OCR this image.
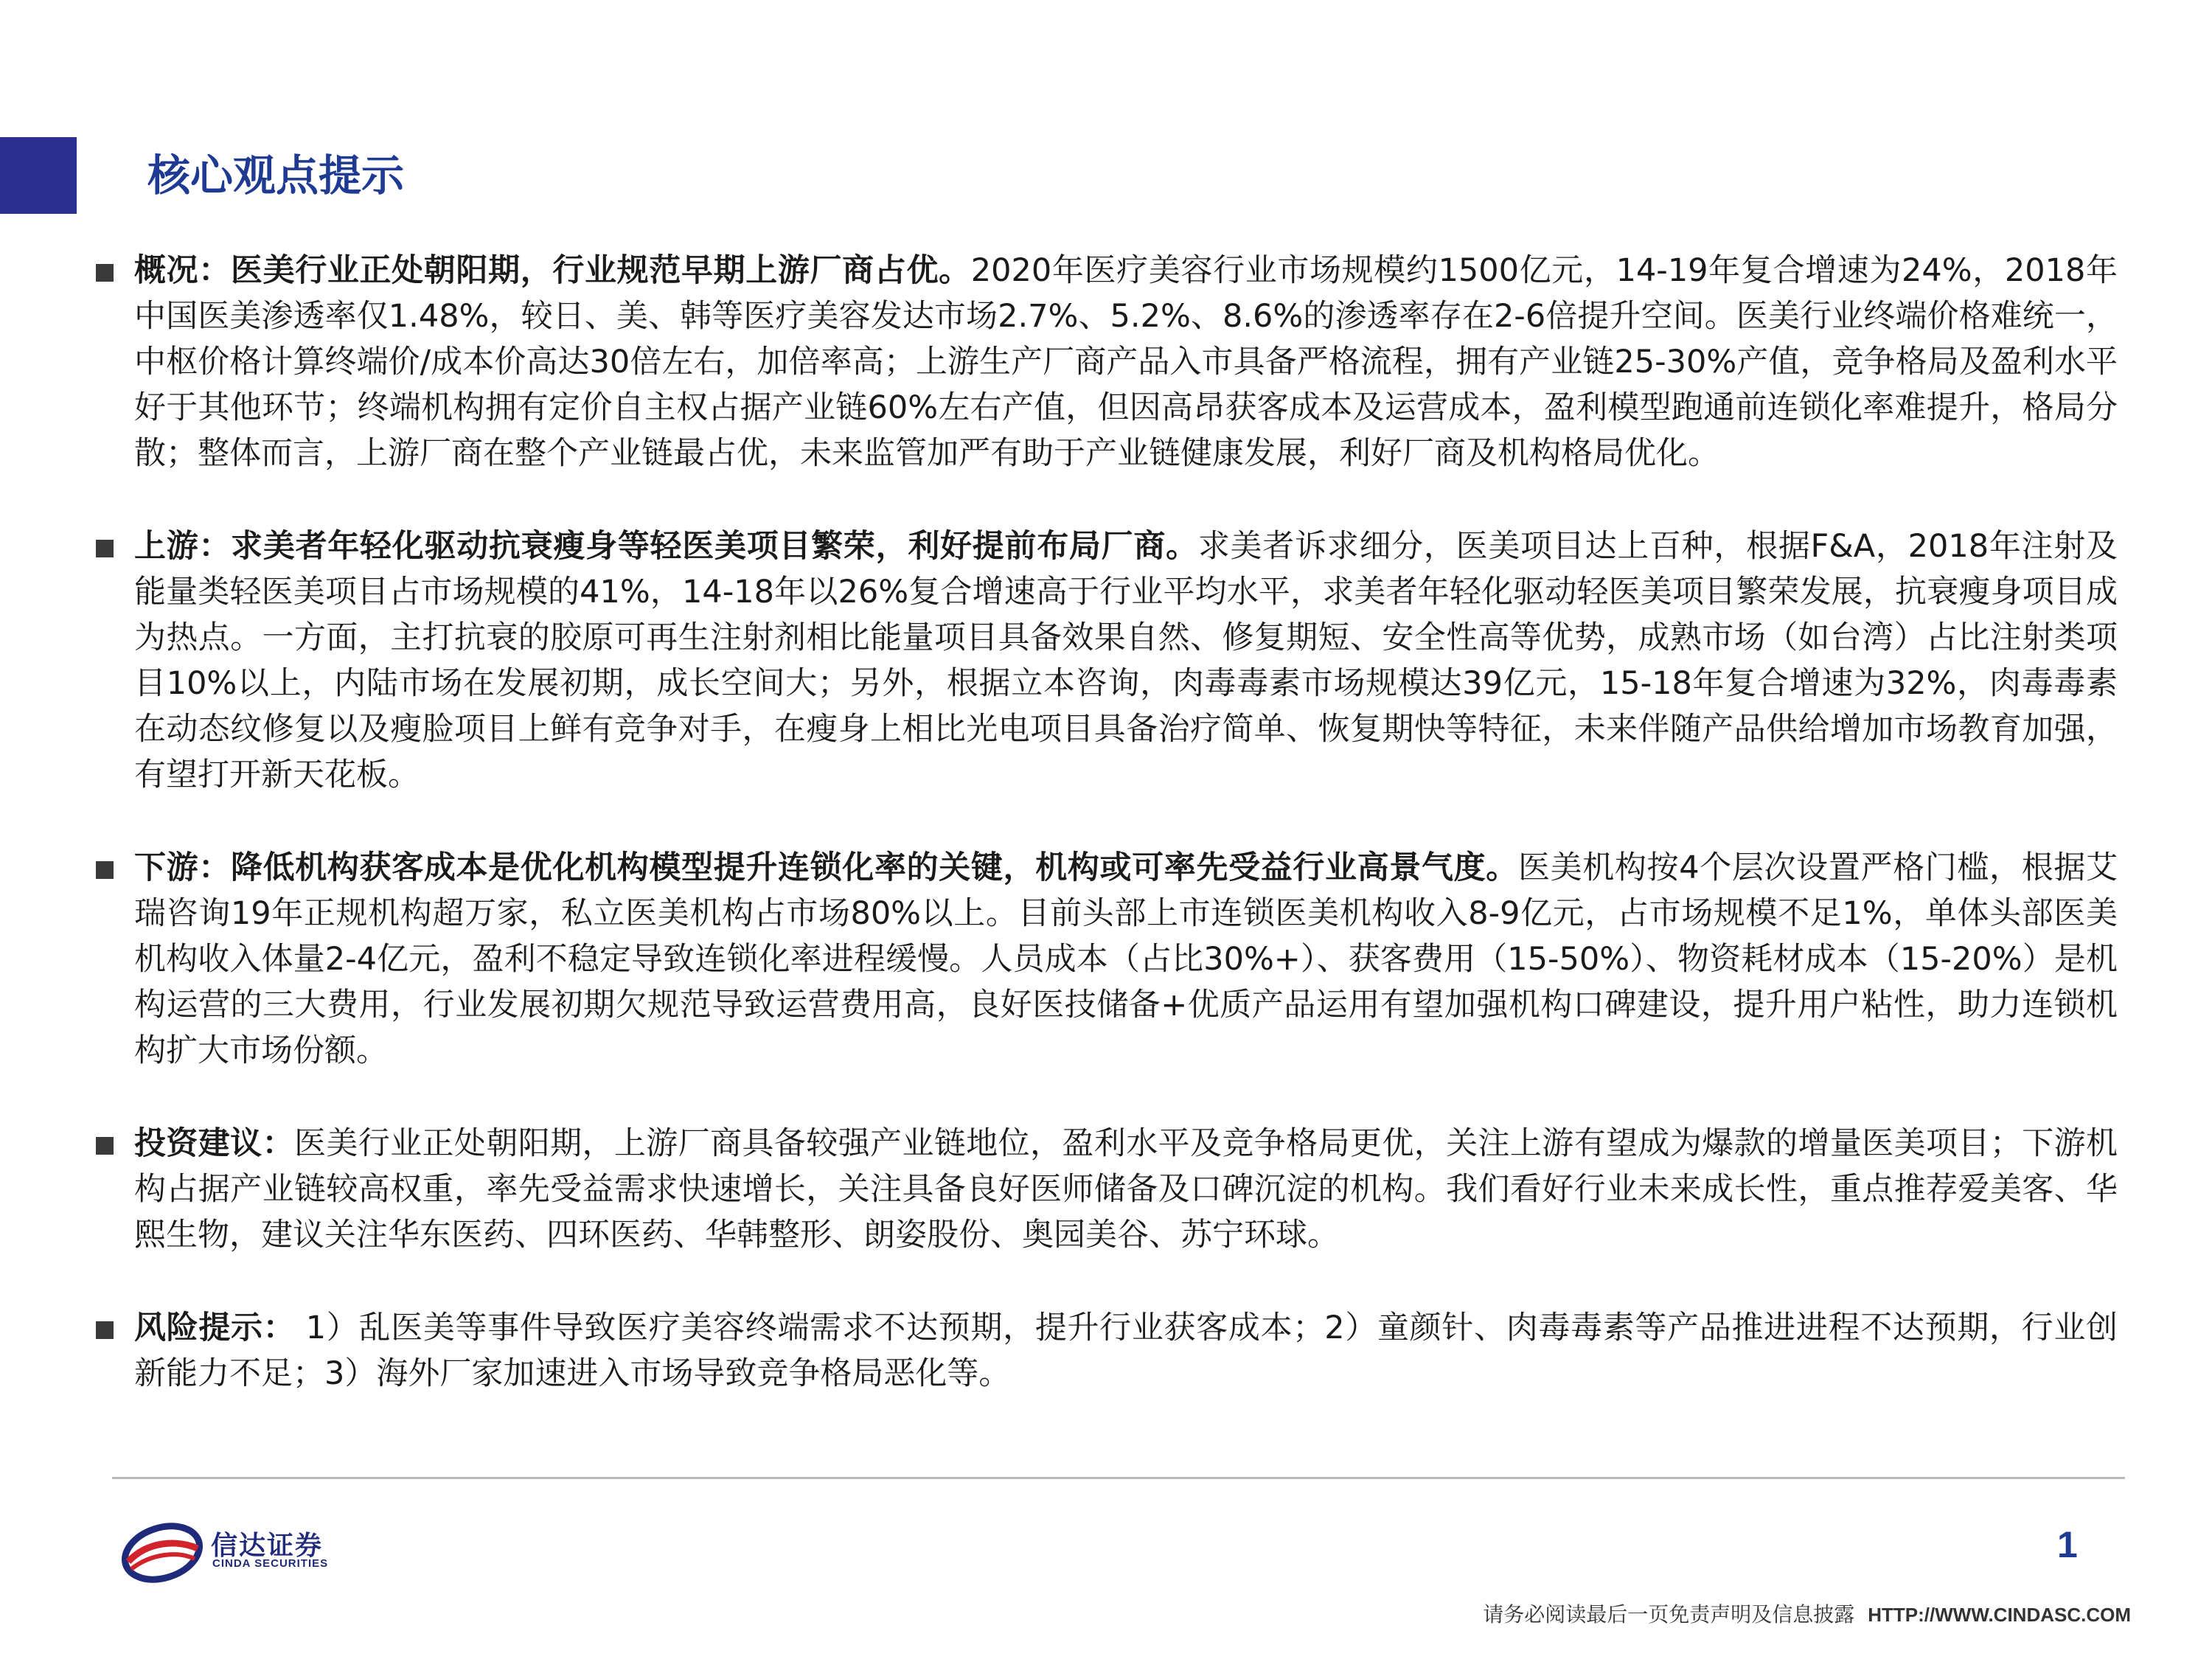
核心观点提示
概况：医美行业正处朝阳期，行业规范早期上游厂商占优。2020年医疗美容行业市场规模约1500亿元，14-19年复合增速为24%，2018年中国医美渗透率仅1.48%，较日、美、韩等医疗美容发达市场2.7%、5.2%、8.6%的渗透率存在2-6倍提升空间。医美行业终端价格难统一，中枢价格计算终端价/成本价高达30倍左右，加倍率高；上游生产厂商产品入市具备严格流程，拥有产业链25-30%产值，竞争格局及盈利水平好于其他环节；终端机构拥有定价自主权占据产业链60%左右产值，但因高昂获客成本及运营成本，盈利模型跑通前连锁化率难提升，格局分散；整体而言，上游厂商在整个产业链最占优，未来监管加严有助于产业链健康发展，利好厂商及机构格局优化。
上游：求美者年轻化驱动抗衰瘦身等轻医美项目繁荣，利好提前布局厂商。求美者诉求细分，医美项目达上百种，根据F&A，2018年注射及能量类轻医美项目占市场规模的41%，14-18年以26%复合增速高于行业平均水平，求美者年轻化驱动轻医美项目繁荣发展，抗衰瘦身项目成为热点。一方面，主打抗衰的胶原可再生注射剂相比能量项目具备效果自然、修复期短、安全性高等优势，成熟市场（如台湾）占比注射类项目10%以上，内陆市场在发展初期，成长空间大；另外，根据立本咨询，肉毒毒素市场规模达39亿元，15-18年复合增速为32%，肉毒毒素在动态纹修复以及瘦脸项目上鲜有竞争对手，在瘦身上相比光电项目具备治疗简单、恢复期快等特征，未来伴随产品供给增加市场教育加强，有望打开新天花板。
下游：降低机构获客成本是优化机构模型提升连锁化率的关键，机构或可率先受益行业高景气度。医美机构按4个层次设置严格门槛，根据艾瑞咨询19年正规机构超万家，私立医美机构占市场80%以上。目前头部上市连锁医美机构收入8-9亿元，占市场规模不足1%，单体头部医美机构收入体量2-4亿元，盈利不稳定导致连锁化率进程缓慢。人员成本（占比30%+）、获客费用（15-50%）、物资耗材成本（15-20%）是机构运营的三大费用，行业发展初期欠规范导致运营费用高，良好医技储备+优质产品运用有望加强机构口碑建设，提升用户粘性，助力连锁机构扩大市场份额。
投资建议：医美行业正处朝阳期，上游厂商具备较强产业链地位，盈利水平及竞争格局更优，关注上游有望成为爆款的增量医美项目；下游机构占据产业链较高权重，率先受益需求快速增长，关注具备良好医师储备及口碑沉淀的机构。我们看好行业未来成长性，重点推荐爱美客、华熙生物，建议关注华东医药、四环医药、华韩整形、朗姿股份、奥园美谷、苏宁环球。
风险提示： 1）乱医美等事件导致医疗美容终端需求不达预期，提升行业获客成本；2）童颜针、肉毒毒素等产品推进进程不达预期，行业创新能力不足；3）海外厂家加速进入市场导致竞争格局恶化等。
信达证券
CINDA SECURITIES	1
请务必阅读最后一页免责声明及信息披露 HTTP://WWW.CINDASC.COM
